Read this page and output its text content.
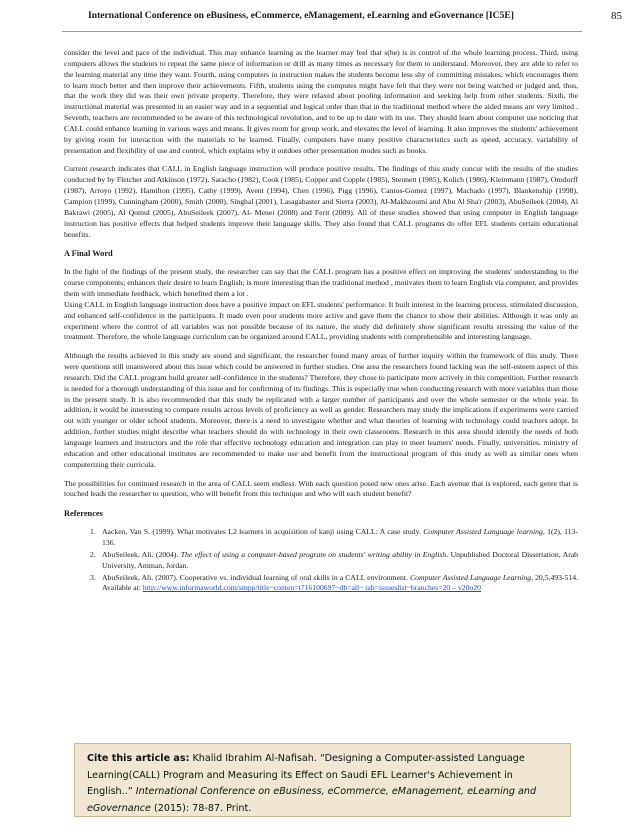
International Conference on eBusiness, eCommerce, eManagement, eLearning and eGovernance [IC5E]	85

consider the level and pace of the individual. This may enhance learning as the learner may feel that s(he) is in control of the whole learning process. Third, using computers allows the students to repeat the same piece of information or drill as many times as necessary for them to understand. Moreover, they are able to refer to the learning material any time they want. Fourth, using computers in instruction makes the students become less shy of committing mistakes, which encourages them to learn much better and then improve their achievements. Fifth, students using the computes might have felt that they were not being watched or judged and, thus, that the work they did was their own private property. Therefore, they were relaxed about pooling information and seeking help from other students. Sixth, the instructional material was presented in an easier way and in a sequential and logical order than that in the traditional method where the aided means are very limited . Seventh, teachers are recommended to be aware of this technological revolution, and to be up to date with its use. They should learn about computer use noticing that CALL could enhance learning in various ways and means. It gives room for group work, and elevates the level of learning. It also improves the students' achievement by giving room for interaction with the materials to be learned. Finally, computers have many positive characteristics such as speed, accuracy, variability of presentation and flexibility of use and control, which explains why it outdoes other presentation modes such as books.

Current research indicates that CALL in English language instruction will produce positive results. The findings of this study concur with the results of the studies conducted by by Fletcher and Atkinson (1972), Saracho (1982), Cook (1985), Copper and Copple (1985), Stennett (1985), Kolich (1986), Kleinmann (1987), Orndorff (1987), Arroyo (1992), Hamilton (1995), Cathy (1999), Avent (1994), Chen (1996), Pigg (1996), Cantos-Gomez (1997), Machado (1997), Blankenship (1998), Campion (1999), Cunningham (2000), Smith (2000), Singhal (2001), Lasagabaster and Sierra (2003), Al-Makhzoumi and Abu Al Sha'r (2003), AbuSeileek (2004), Al Bakrawi (2005), Al Qomul (2005), AbuSeileek (2007), Al- Menei (2008) and Ferit (2009). All of these studies showed that using computer in English language instruction has positive effects that helped students improve their language skills. They also found that CALL programs do offer EFL students certain educational benefits.

A Final Word

In the light of the findings of the present study, the researcher can say that the CALL program has a positive effect on improving the students' understanding to the course components; enhances their desire to learn English; is more interesting than the traditional method , motivates them to learn English via computer, and provides them with immediate feedback, which benefited them a lot .

Using CALL in English language instruction does have a positive impact on EFL students' performance. It built interest in the learning process, stimulated discussion, and enhanced self-confidence in the participants. It made even poor students more active and gave them the chance to show their abilities. Although it was only an experiment where the control of all variables was not possible because of its nature, the study did definitely show significant results stressing the value of the treatment. Therefore, the whole language curriculum can be organized around CALL, providing students with comprehensible and interesting language.

Although the results achieved in this study are sound and significant, the researcher found many areas of further inquiry within the framework of this study. There were questions still unanswered about this issue which could be answered in further studies. One area the researchers found lacking was the self-esteem aspect of this research. Did the CALL program build greater self-confidence in the students? Therefore, they chose to participate more actively in this competition. Further research is needed for a thorough understanding of this issue and for confirming of its findings. This is especially true when conducting research with more variables than those in the present study. It is also recommended that this study be replicated with a larger number of participants and over the whole semester or the whole year. In addition, it would be interesting to compare results across levels of proficiency as well as gender. Researchers may study the implications if experiments were carried out with younger or older school students. Moreover, there is a need to investigate whether and what theories of learning with technology could teachers adopt. In addition, further studies might describe what teachers should do with technology in their own classrooms. Research in this area should identify the needs of both language learners and instructors and the role that effective technology education and integration can play to meet learners' needs. Finally, universities, ministry of education and other educational institutes are recommended to make use and benefit from the instructional program of this study as well as similar ones when computerizing their curricula.

The possibilities for continued research in the area of CALL seem endless. With each question posed new ones arise. Each avenue that is explored, each genre that is touched leads the researcher to question, who will benefit from this technique and who will each student benefit?

References
1. Aacken, Van S. (1999). What motivates L2 learners in acquisition of kanji using CALL: A case study. Computer Assisted Language learning, 1(2), 113-136.
2. AbuSeileek, Ali. (2004). The effect of using a computer-based program on students' writing ability in English. Unpublished Doctoral Dissertation, Arab University, Amman, Jordan.
3. AbuSeileek, Ali. (2007). Cooperative vs. individual learning of oral skills in a CALL environment. Computer Assisted Language Learning, 20,5,493-514. Available at: http://www.informaworld.com/smpp/title~conten=t716100697~db=all~ tab=issueslist~branches=20 – v20o20
Cite this article as: Khalid Ibrahim Al-Nafisah. “Designing a Computer-assisted Language Learning(CALL) Program and Measuring its Effect on Saudi EFL Learner's Achievement in English..” International Conference on eBusiness, eCommerce, eManagement, eLearning and eGovernance (2015): 78-87. Print.
